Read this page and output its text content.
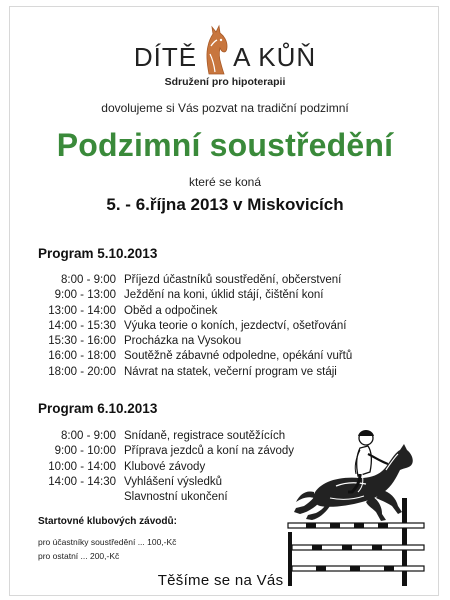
DÍTĚ A KŮŇ
Sdružení pro hipoterapii
dovolujeme si Vás pozvat na tradiční podzimní
Podzimní soustředění
které se koná
5. - 6.října 2013 v Miskovicích
Program 5.10.2013
8:00 - 9:00 Příjezd účastníků soustředění, občerstvení
9:00 - 13:00 Ježdění na koni, úklid stájí, čištění koní
13:00 - 14:00 Oběd a odpočinek
14:00 - 15:30 Výuka teorie o koních, jezdectví, ošetřování
15:30 - 16:00 Procházka na Vysokou
16:00 - 18:00 Soutěžně zábavné odpoledne, opékání vuřtů
18:00 - 20:00 Návrat na statek, večerní program ve stáji
Program 6.10.2013
8:00 - 9:00 Snídaně, registrace soutěžících
9:00 - 10:00 Příprava jezdců a koní na závody
10:00 - 14:00 Klubové závody
14:00 - 14:30 Vyhlášení výsledků
Slavnostní ukončení
Startovné klubových závodů:
pro účastníky soustředění ... 100,-Kč
pro ostatní ... 200,-Kč
Těšíme se na Vás !
